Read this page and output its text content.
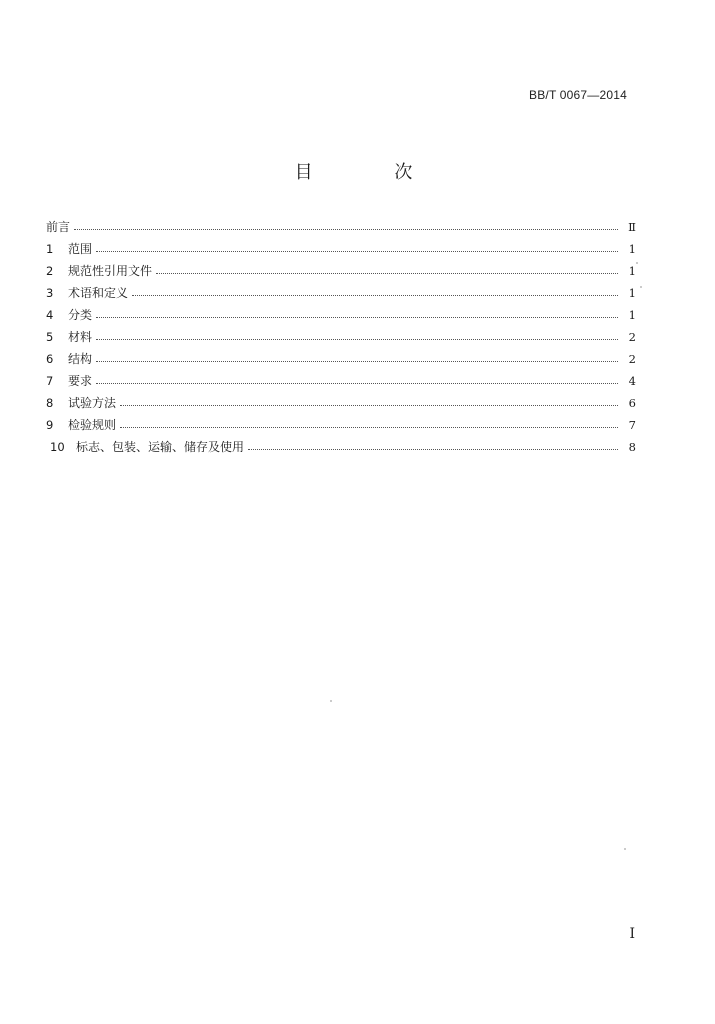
BB/T 0067—2014
目 次
前言	Ⅱ
1	范围	1
2	规范性引用文件	1
3	术语和定义	1
4	分类	1
5	材料	2
6	结构	2
7	要求	4
8	试验方法	6
9	检验规则	7
10 标志、包装、运输、储存及使用	8
Ⅰ
